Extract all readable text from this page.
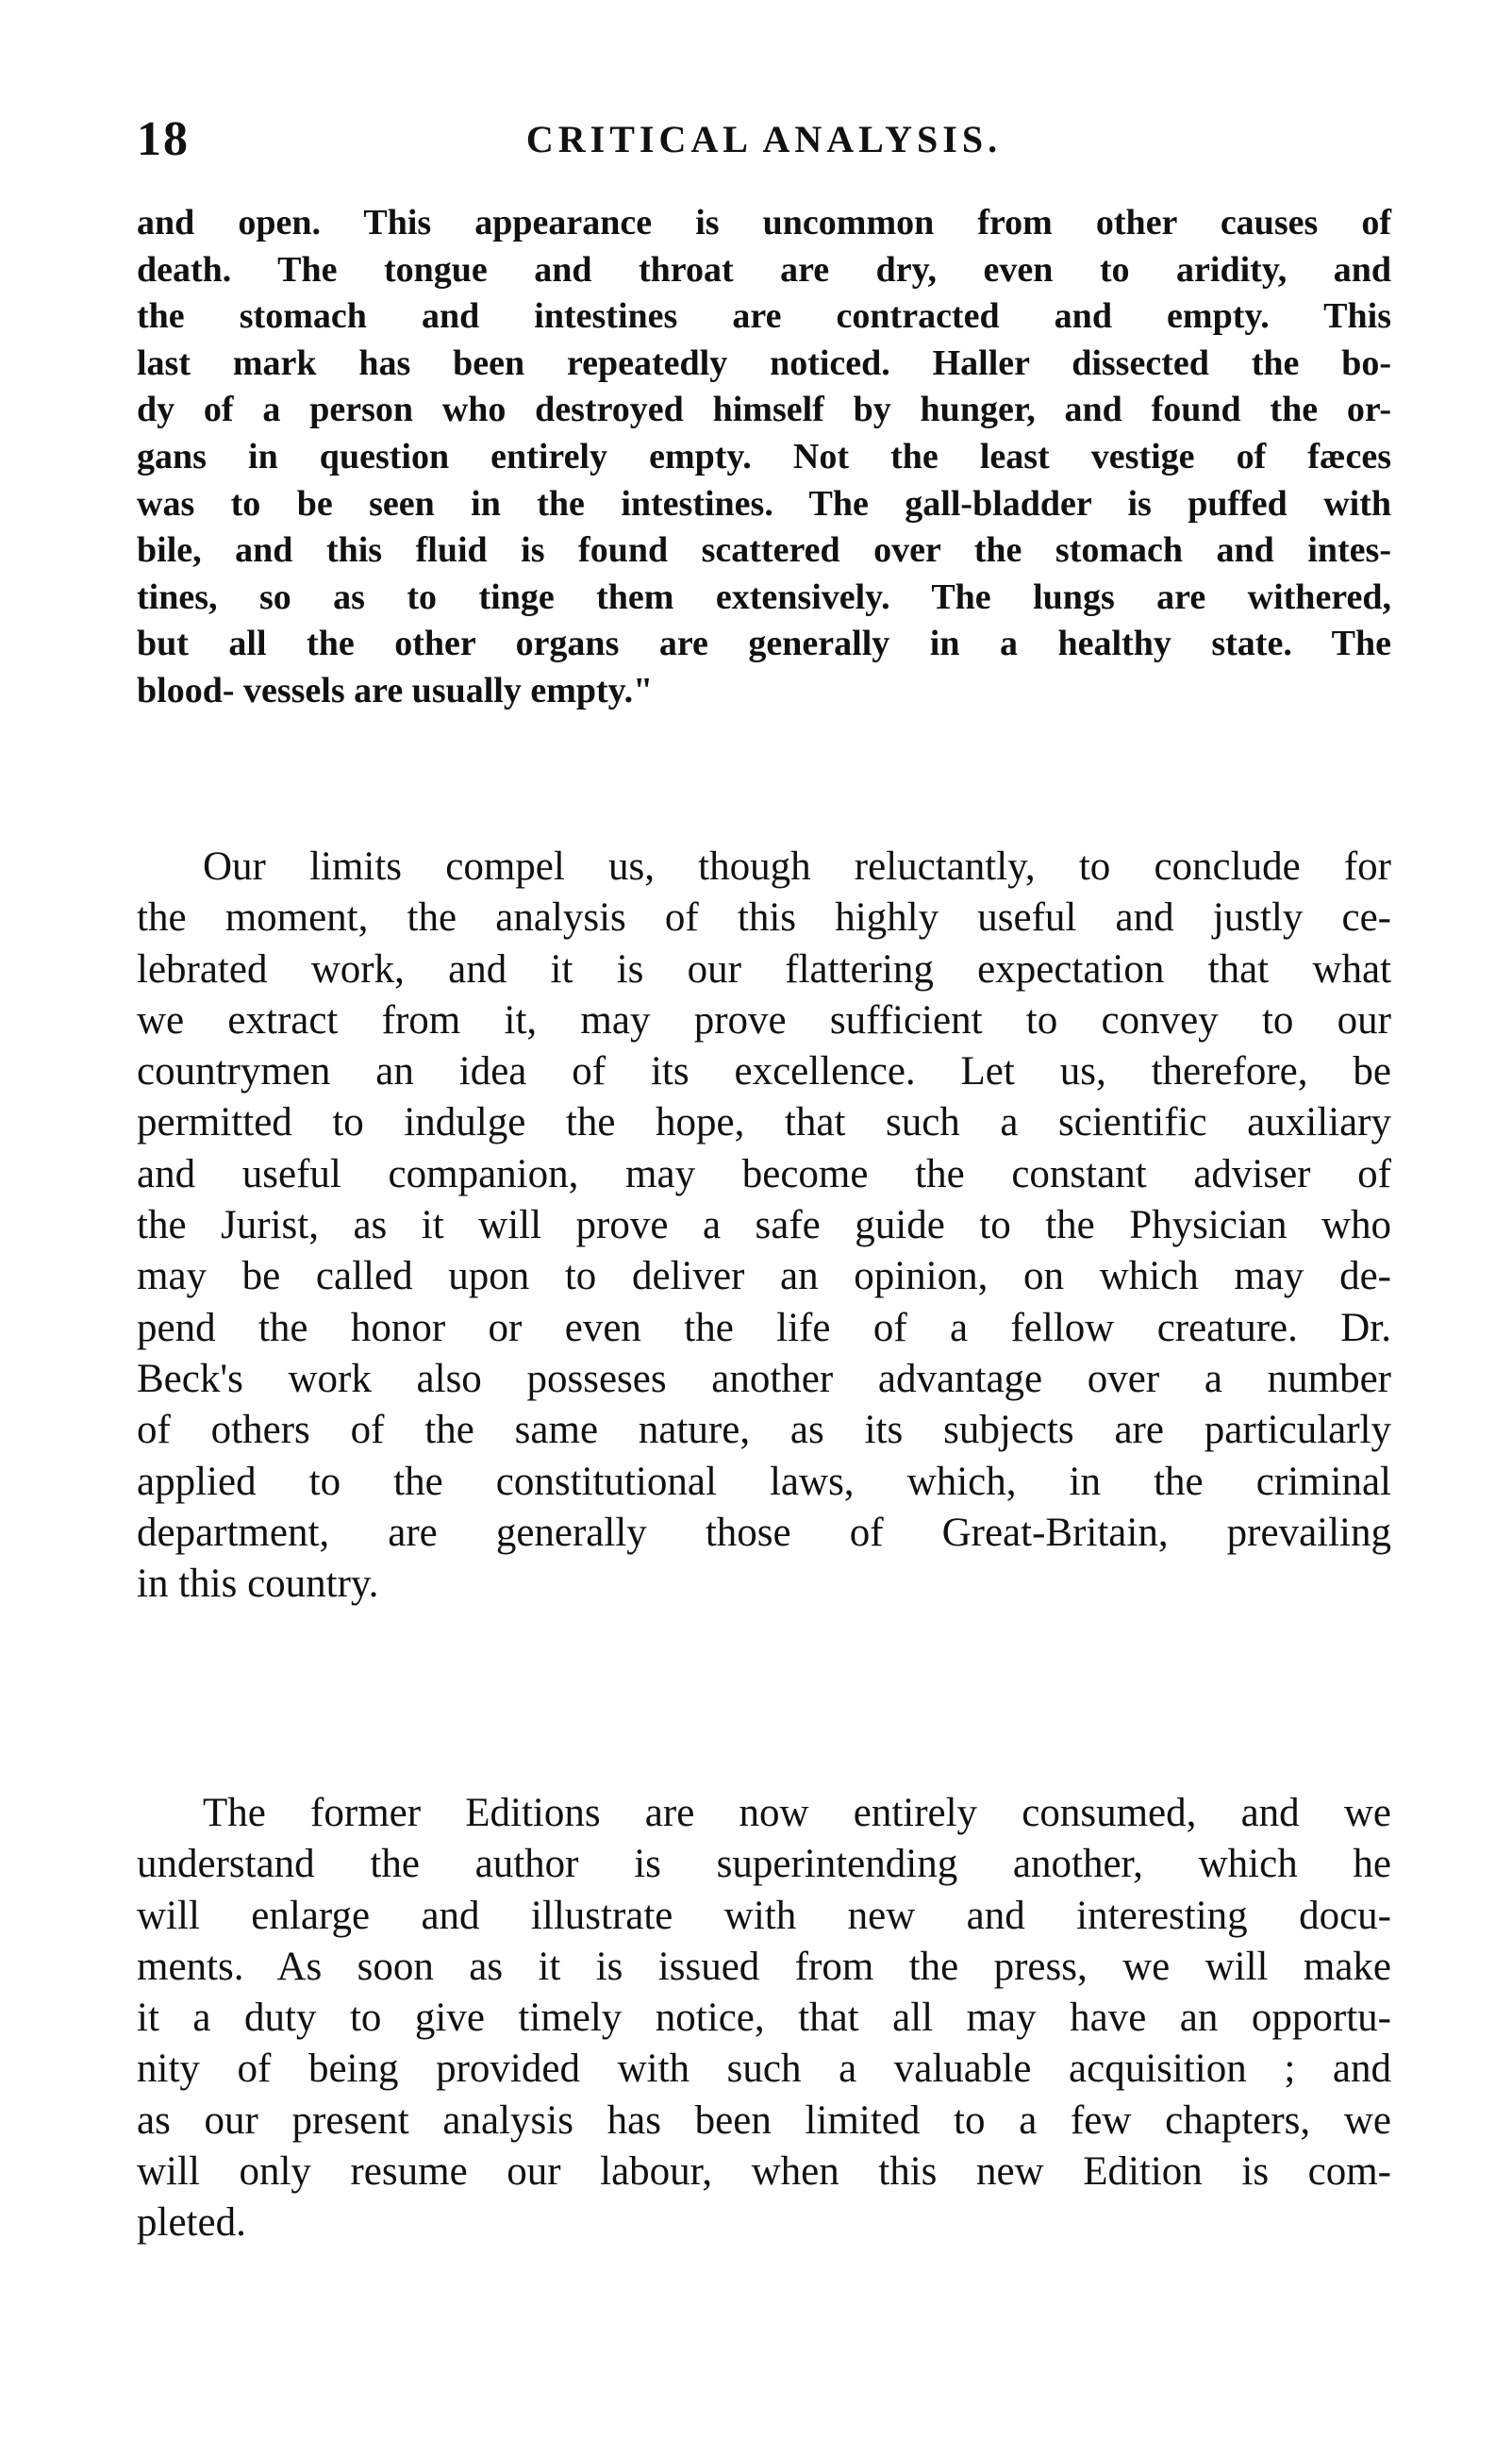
18	CRITICAL ANALYSIS.
and open. This appearance is uncommon from other causes of
death. The tongue and throat are dry, even to aridity, and
the stomach and intestines are contracted and empty. This
last mark has been repeatedly noticed. Haller dissected the bo-
dy of a person who destroyed himself by hunger, and found the or-
gans in question entirely empty. Not the least vestige of fæces
was to be seen in the intestines. The gall-bladder is puffed with
bile, and this fluid is found scattered over the stomach and intes-
tines, so as to tinge them extensively. The lungs are withered,
but all the other organs are generally in a healthy state. The
blood- vessels are usually empty."
Our limits compel us, though reluctantly, to conclude for
the moment, the analysis of this highly useful and justly ce-
lebrated work, and it is our flattering expectation that what
we extract from it, may prove sufficient to convey to our
countrymen an idea of its excellence. Let us, therefore, be
permitted to indulge the hope, that such a scientific auxiliary
and useful companion, may become the constant adviser of
the Jurist, as it will prove a safe guide to the Physician who
may be called upon to deliver an opinion, on which may de-
pend the honor or even the life of a fellow creature. Dr.
Beck's work also posseses another advantage over a number
of others of the same nature, as its subjects are particularly
applied to the constitutional laws, which, in the criminal
department, are generally those of Great-Britain, prevailing
in this country.
The former Editions are now entirely consumed, and we
understand the author is superintending another, which he
will enlarge and illustrate with new and interesting docu-
ments. As soon as it is issued from the press, we will make
it a duty to give timely notice, that all may have an opportu-
nity of being provided with such a valuable acquisition ; and
as our present analysis has been limited to a few chapters, we
will only resume our labour, when this new Edition is com-
pleted.
